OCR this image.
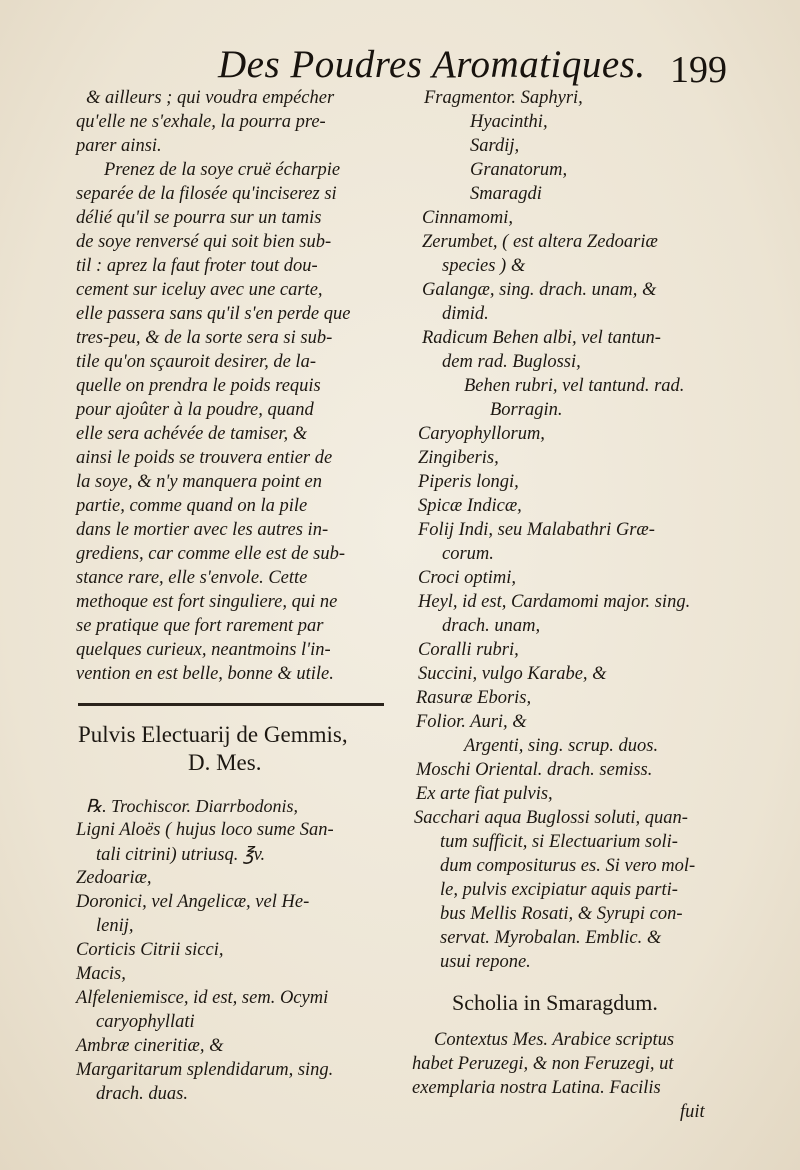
Des Poudres Aromatiques. 199
& ailleurs ; qui voudra empécher
qu'elle ne s'exhale, la pourra pre-
parer ainsi.
Prenez de la soye cruë écharpie
separée de la filosée qu'inciserez si
délié qu'il se pourra sur un tamis
de soye renversé qui soit bien sub-
til : aprez la faut froter tout dou-
cement sur iceluy avec une carte,
elle passera sans qu'il s'en perde que
tres-peu, & de la sorte sera si sub-
tile qu'on sçauroit desirer, de la-
quelle on prendra le poids requis
pour ajoûter à la poudre, quand
elle sera achévée de tamiser, &
ainsi le poids se trouvera entier de
la soye, & n'y manquera point en
partie, comme quand on la pile
dans le mortier avec les autres in-
grediens, car comme elle est de sub-
stance rare, elle s'envole. Cette
methoque est fort singuliere, qui ne
se pratique que fort rarement par
quelques curieux, neantmoins l'in-
vention en est belle, bonne & utile.
℞. Trochiscor. Diarrbodonis,
Ligni Aloës ( hujus loco sume San-
tali citrini) utriusq. ℥v.
Zedoariæ,
Doronici, vel Angelicæ, vel He-
lenij,
Corticis Citrii sicci,
Macis,
Alfeleniemisce, id est, sem. Ocymi
caryophyllati
Ambræ cineritiæ, &
Margaritarum splendidarum, sing.
drach. duas.
Pulvis Electuarij de Gemmis,
D. Mes.
Fragmentor. Saphyri,
Hyacinthi,
Sardij,
Granatorum,
Smaragdi
Cinnamomi,
Zerumbet, ( est altera Zedoariæ
species ) &
Galangæ, sing. drach. unam, &
dimid.
Radicum Behen albi, vel tantun-
dem rad. Buglossi,
Behen rubri, vel tantund. rad.
Borragin.
Caryophyllorum,
Zingiberis,
Piperis longi,
Spicæ Indicæ,
Folij Indi, seu Malabathri Græ-
corum.
Croci optimi,
Heyl, id est, Cardamomi major. sing.
drach. unam,
Coralli rubri,
Succini, vulgo Karabe, &
Rasuræ Eboris,
Folior. Auri, &
Argenti, sing. scrup. duos.
Moschi Oriental. drach. semiss.
Ex arte fiat pulvis,
Sacchari aqua Buglossi soluti, quan-
tum sufficit, si Electuarium soli-
dum compositurus es. Si vero mol-
le, pulvis excipiatur aquis parti-
bus Mellis Rosati, & Syrupi con-
servat. Myrobalan. Emblic. &
usui repone.
Contextus Mes. Arabice scriptus
habet Peruzegi, & non Feruzegi, ut
exemplaria nostra Latina. Facilis
fuit
Scholia in Smaragdum.
